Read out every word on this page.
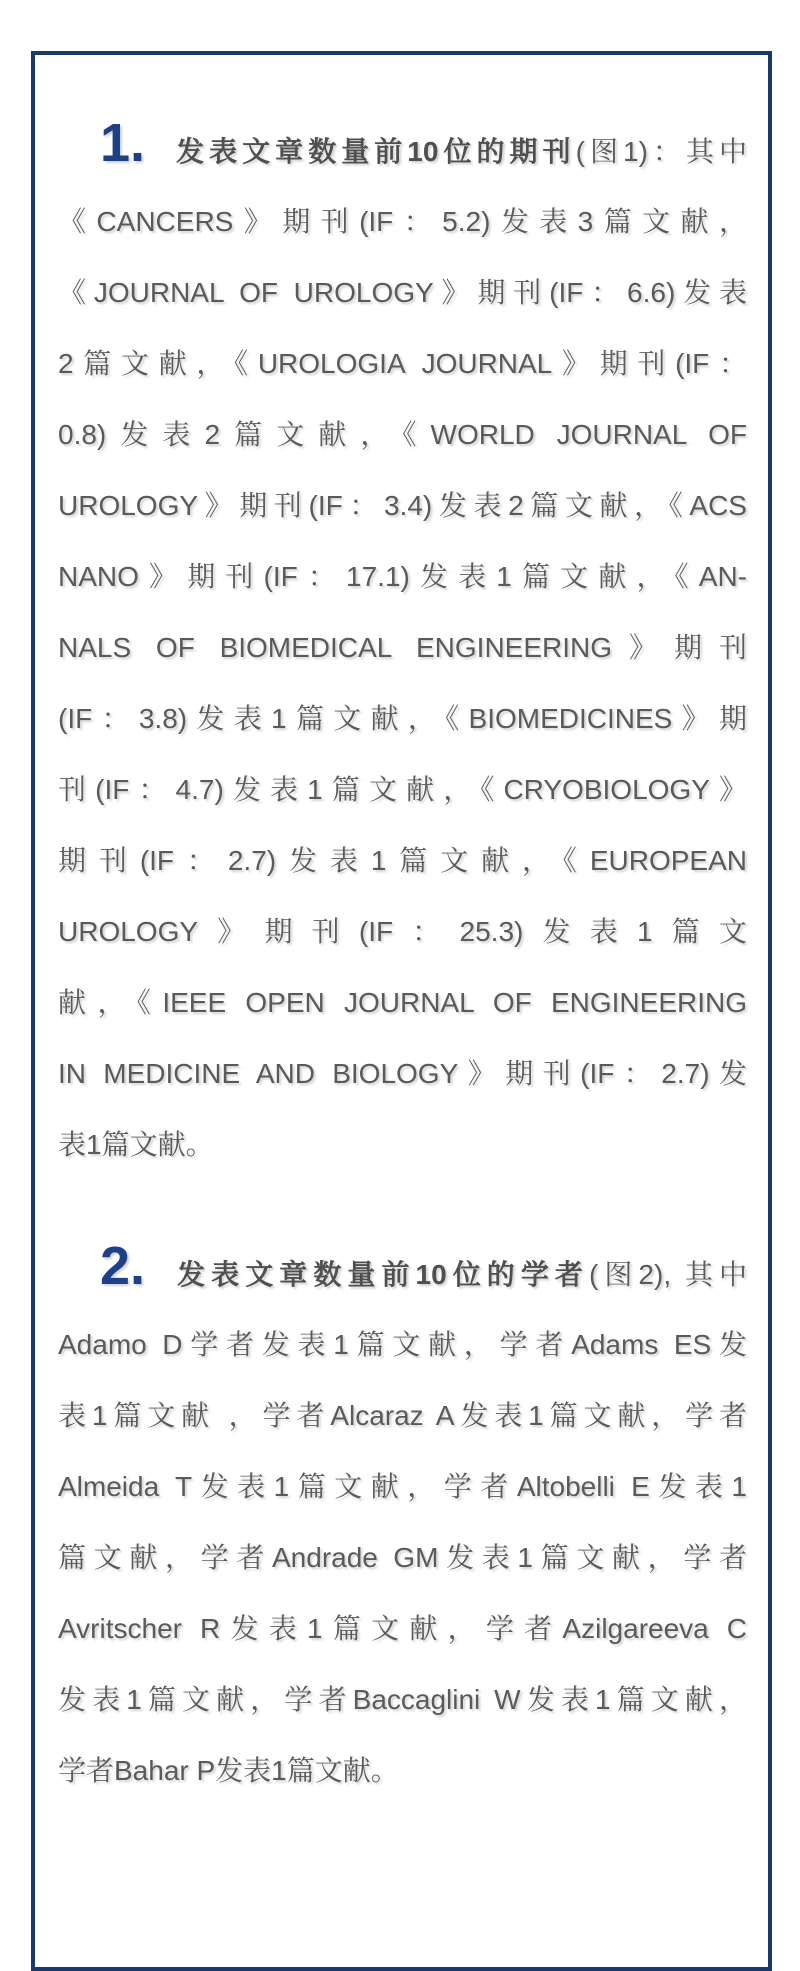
1. 发表文章数量前10位的期刊(图1)：其中
《CANCERS》期刊(IF：5.2)发表3篇文献，
《JOURNAL OF UROLOGY》期刊(IF：6.6)发表
2篇文献，《UROLOGIA JOURNAL》期刊(IF：
0.8)发表2篇文献，《WORLD JOURNAL OF
UROLOGY》期刊(IF：3.4)发表2篇文献，《ACS
NANO》期刊(IF：17.1)发表1篇文献，《AN-
NALS OF BIOMEDICAL ENGINEERING》期刊
(IF：3.8)发表1篇文献，《BIOMEDICINES》期
刊(IF：4.7)发表1篇文献，《CRYOBIOLOGY》
期刊(IF：2.7)发表1篇文献，《EUROPEAN
UROLOGY》期刊(IF：25.3)发表1篇文
献，《IEEE OPEN JOURNAL OF ENGINEERING
IN MEDICINE AND BIOLOGY》期刊(IF：2.7)发
表1篇文献。
2. 发表文章数量前10位的学者(图2), 其中
Adamo D学者发表1篇文献，学者Adams ES发
表1篇文献 ，学者Alcaraz A发表1篇文献，学者
Almeida T发表1篇文献，学者Altobelli E发表1
篇文献，学者Andrade GM发表1篇文献，学者
Avritscher R发表1篇文献，学者Azilgareeva C
发表1篇文献，学者Baccaglini W发表1篇文献，
学者Bahar P发表1篇文献。
